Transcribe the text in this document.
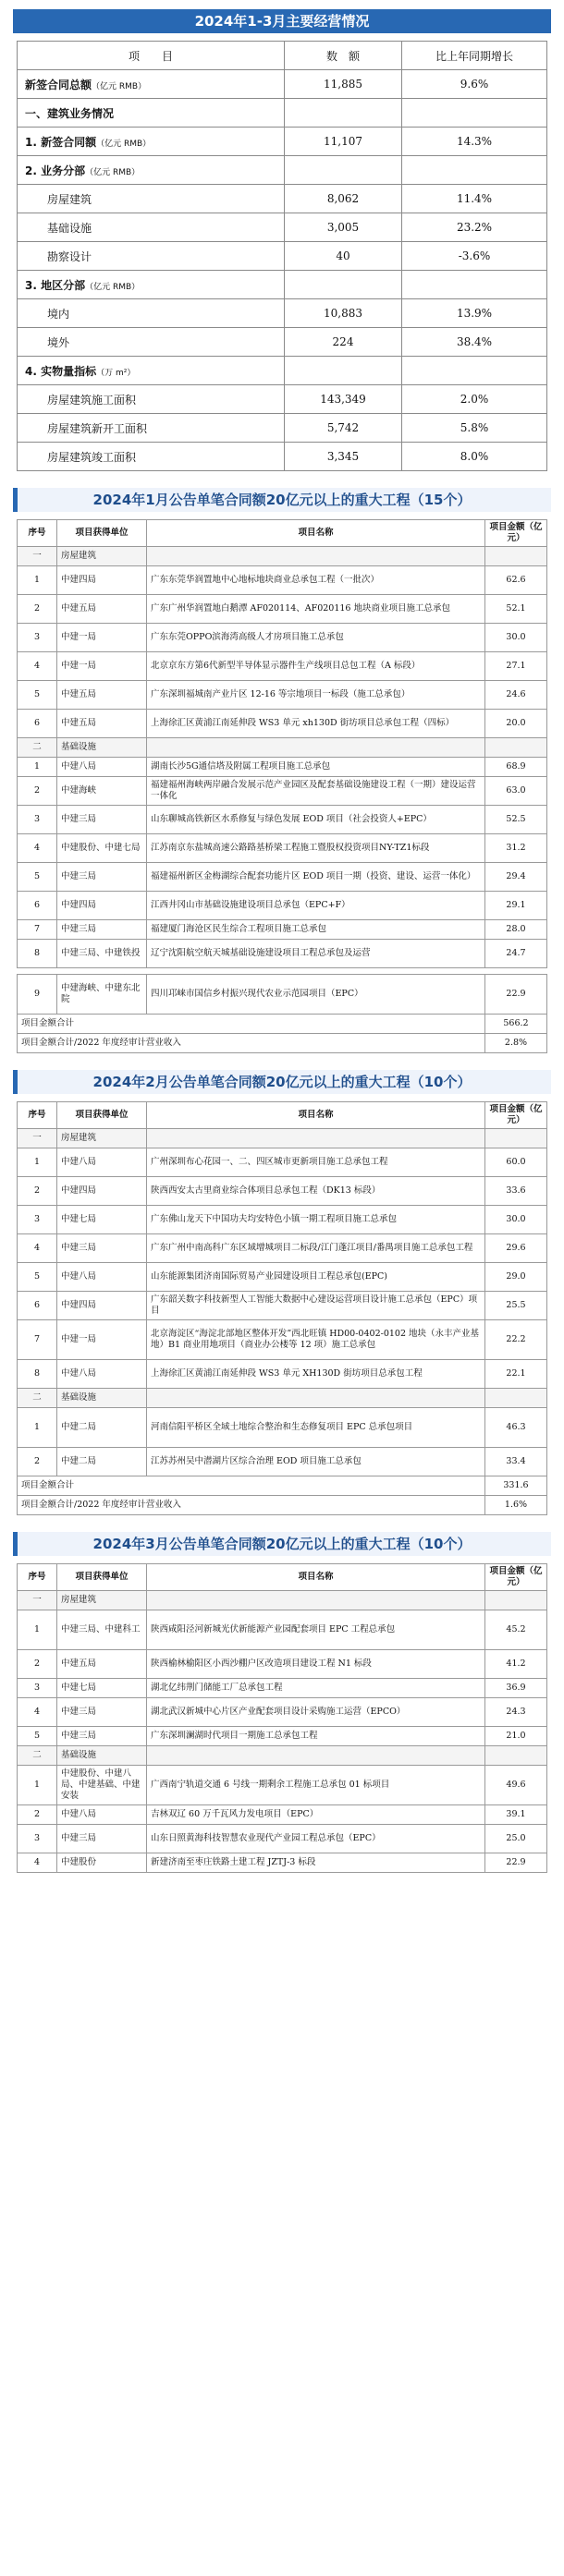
2024年1-3月主要经营情况
项　　目	数　额	比上年同期增长
新签合同总额（亿元 RMB）	11,885	9.6%
一、建筑业务情况		
1. 新签合同额（亿元 RMB）	11,107	14.3%
2. 业务分部（亿元 RMB）		
房屋建筑	8,062	11.4%
基础设施	3,005	23.2%
勘察设计	40	-3.6%
3. 地区分部（亿元 RMB）		
境内	10,883	13.9%
境外	224	38.4%
4. 实物量指标（万 m²）		
房屋建筑施工面积	143,349	2.0%
房屋建筑新开工面积	5,742	5.8%
房屋建筑竣工面积	3,345	8.0%
2024年1月公告单笔合同额20亿元以上的重大工程（15个）
序号	项目获得单位	项目名称	项目金额（亿元）
一	房屋建筑		
1	中建四局	广东东莞华润置地中心地标地块商业总承包工程（一批次）	62.6
2	中建五局	广东广州华润置地白鹅潭 AF020114、AF020116 地块商业项目施工总承包	52.1
3	中建一局	广东东莞OPPO滨海湾高级人才房项目施工总承包	30.0
4	中建一局	北京京东方第6代新型半导体显示器件生产线项目总包工程（A 标段）	27.1
5	中建五局	广东深圳福城南产业片区 12-16 等宗地项目一标段（施工总承包）	24.6
6	中建五局	上海徐汇区黄浦江南延伸段 WS3 单元 xh130D 街坊项目总承包工程（四标）	20.0
二	基础设施		
1	中建八局	湖南长沙5G通信塔及附属工程项目施工总承包	68.9
2	中建海峡	福建福州海峡两岸融合发展示范产业园区及配套基础设施建设工程（一期）建设运营一体化	63.0
3	中建三局	山东聊城高铁新区水系修复与绿色发展 EOD 项目（社会投资人+EPC）	52.5
4	中建股份、中建七局	江苏南京东盐城高速公路路基桥梁工程施工暨股权投资项目NY-TZ1标段	31.2
5	中建三局	福建福州新区金梅湖综合配套功能片区 EOD 项目一期（投资、建设、运营一体化）	29.4
6	中建四局	江西井冈山市基础设施建设项目总承包（EPC+F）	29.1
7	中建三局	福建厦门海沧区民生综合工程项目施工总承包	28.0
8	中建三局、中建铁投	辽宁沈阳航空航天城基础设施建设项目工程总承包及运营	24.7

9	中建海峡、中建东北院	四川邛崃市国信乡村振兴现代农业示范园项目（EPC）	22.9
项目金额合计			566.2
项目金额合计/2022 年度经审计营业收入			2.8%
2024年2月公告单笔合同额20亿元以上的重大工程（10个）
序号	项目获得单位	项目名称	项目金额（亿元）
一	房屋建筑		
1	中建八局	广州深圳布心花园一、二、四区城市更新项目施工总承包工程	60.0
2	中建四局	陕西西安太古里商业综合体项目总承包工程（DK13 标段）	33.6
3	中建七局	广东佛山龙天下中国功夫均安特色小镇一期工程项目施工总承包	30.0
4	中建三局	广东广州中南高科广东区域增城项目二标段/江门蓬江项目/番禺项目施工总承包工程	29.6
5	中建八局	山东能源集团济南国际贸易产业园建设项目工程总承包(EPC)	29.0
6	中建四局	广东韶关数字科技新型人工智能大数据中心建设运营项目设计施工总承包（EPC）项目	25.5
7	中建一局	北京海淀区“海淀北部地区整体开发”西北旺镇 HD00-0402-0102 地块（永丰产业基地）B1 商业用地项目（商业办公楼等 12 项）施工总承包	22.2
8	中建八局	上海徐汇区黄浦江南延伸段 WS3 单元 XH130D 街坊项目总承包工程	22.1
二	基础设施		
1	中建二局	河南信阳平桥区全域土地综合整治和生态修复项目 EPC 总承包项目	46.3
2	中建二局	江苏苏州吴中潜湖片区综合治理 EOD 项目施工总承包	33.4
项目金额合计			331.6
项目金额合计/2022 年度经审计营业收入			1.6%
2024年3月公告单笔合同额20亿元以上的重大工程（10个）
序号	项目获得单位	项目名称	项目金额（亿元）
一	房屋建筑		
1	中建三局、中建科工	陕西咸阳泾河新城光伏新能源产业园配套项目 EPC 工程总承包	45.2
2	中建五局	陕西榆林榆阳区小西沙棚户区改造项目建设工程 N1 标段	41.2
3	中建七局	湖北亿纬荆门储能工厂总承包工程	36.9
4	中建三局	湖北武汉新城中心片区产业配套项目设计采购施工运营（EPCO）	24.3
5	中建三局	广东深圳澜湖时代项目一期施工总承包工程	21.0
二	基础设施		
1	中建股份、中建八局、中建基础、中建安装	广西南宁轨道交通 6 号线一期剩余工程施工总承包 01 标项目	49.6
2	中建八局	吉林双辽 60 万千瓦风力发电项目（EPC）	39.1
3	中建三局	山东日照黄海科技智慧农业现代产业园工程总承包（EPC）	25.0
4	中建股份	新建济南至枣庄铁路土建工程 JZTJ-3 标段	22.9
